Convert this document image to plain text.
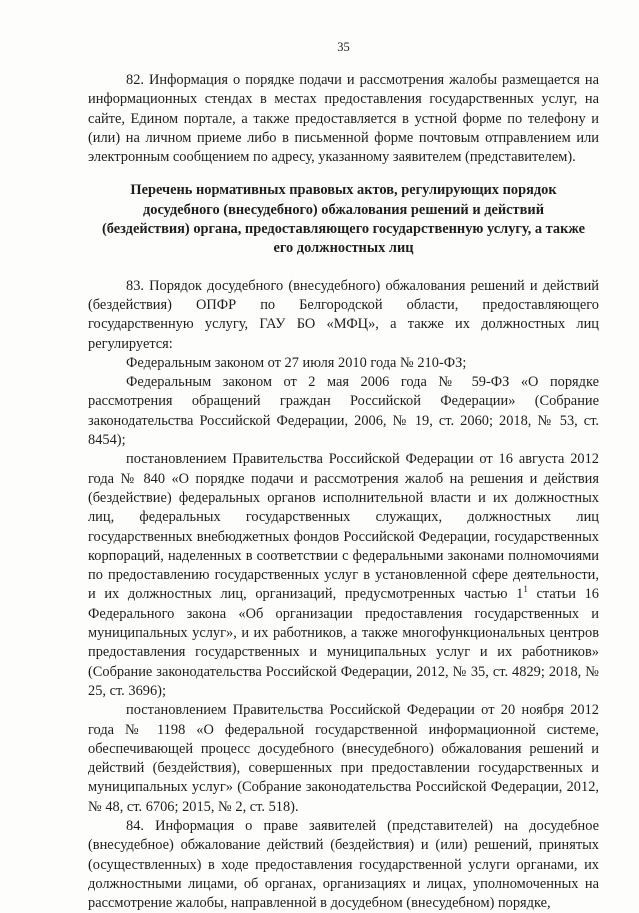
35

82. Информация о порядке подачи и рассмотрения жалобы размещается на информационных стендах в местах предоставления государственных услуг, на сайте, Едином портале, а также предоставляется в устной форме по телефону и (или) на личном приеме либо в письменной форме почтовым отправлением или электронным сообщением по адресу, указанному заявителем (представителем).

Перечень нормативных правовых актов, регулирующих порядок досудебного (внесудебного) обжалования решений и действий (бездействия) органа, предоставляющего государственную услугу, а также его должностных лиц

83. Порядок досудебного (внесудебного) обжалования решений и действий (бездействия) ОПФР по Белгородской области, предоставляющего государственную услугу, ГАУ БО «МФЦ», а также их должностных лиц регулируется:

Федеральным законом от 27 июля 2010 года № 210-ФЗ;

Федеральным законом от 2 мая 2006 года № 59-ФЗ «О порядке рассмотрения обращений граждан Российской Федерации» (Собрание законодательства Российской Федерации, 2006, № 19, ст. 2060; 2018, № 53, ст. 8454);

постановлением Правительства Российской Федерации от 16 августа 2012 года № 840 «О порядке подачи и рассмотрения жалоб на решения и действия (бездействие) федеральных органов исполнительной власти и их должностных лиц, федеральных государственных служащих, должностных лиц государственных внебюджетных фондов Российской Федерации, государственных корпораций, наделенных в соответствии с федеральными законами полномочиями по предоставлению государственных услуг в установленной сфере деятельности, и их должностных лиц, организаций, предусмотренных частью $1^1$ статьи 16 Федерального закона «Об организации предоставления государственных и муниципальных услуг», и их работников, а также многофункциональных центров предоставления государственных и муниципальных услуг и их работников» (Собрание законодательства Российской Федерации, 2012, № 35, ст. 4829; 2018, № 25, ст. 3696);

постановлением Правительства Российской Федерации от 20 ноября 2012 года № 1198 «О федеральной государственной информационной системе, обеспечивающей процесс досудебного (внесудебного) обжалования решений и действий (бездействия), совершенных при предоставлении государственных и муниципальных услуг» (Собрание законодательства Российской Федерации, 2012, № 48, ст. 6706; 2015, № 2, ст. 518).

84. Информация о праве заявителей (представителей) на досудебное (внесудебное) обжалование действий (бездействия) и (или) решений, принятых (осуществленных) в ходе предоставления государственной услуги органами, их должностными лицами, об органах, организациях и лицах, уполномоченных на рассмотрение жалобы, направленной в досудебном (внесудебном) порядке,
